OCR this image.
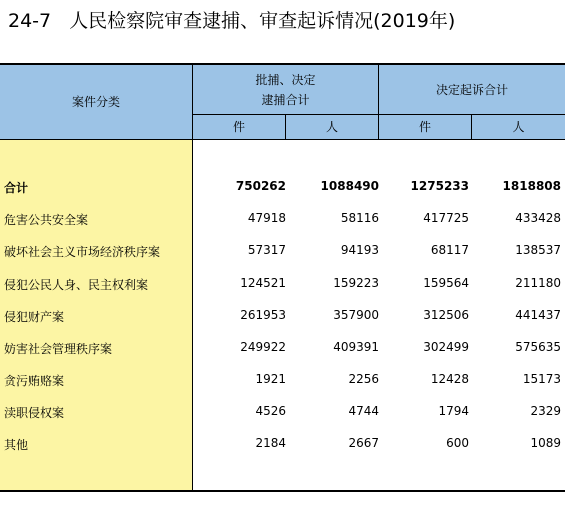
24-7 人民检察院审查逮捕、审查起诉情况(2019年)
案件分类
批捕、决定
逮捕合计
决定起诉合计
件	人	件	人
合计	750262	1088490	1275233	1818808
危害公共安全案	47918	58116	417725	433428
破坏社会主义市场经济秩序案	57317	94193	68117	138537
侵犯公民人身、民主权利案	124521	159223	159564	211180
侵犯财产案	261953	357900	312506	441437
妨害社会管理秩序案	249922	409391	302499	575635
贪污贿赂案	1921	2256	12428	15173
渎职侵权案	4526	4744	1794	2329
其他	2184	2667	600	1089
